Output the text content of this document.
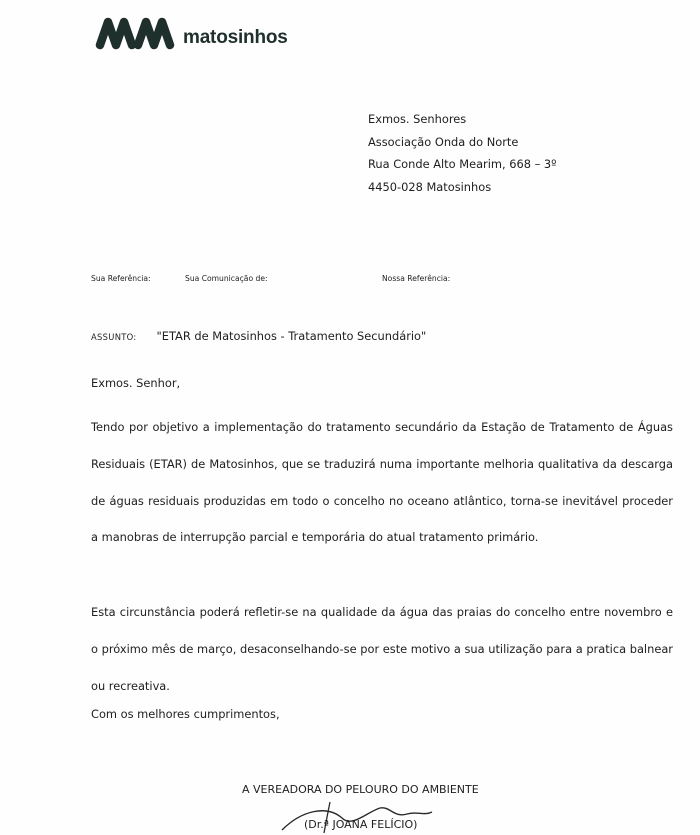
matosinhos
Exmos. Senhores
Associação Onda do Norte
Rua Conde Alto Mearim, 668 – 3º
4450-028 Matosinhos
Sua Referência:	Sua Comunicação de:	Nossa Referência:
ASSUNTO: "ETAR de Matosinhos - Tratamento Secundário"
Exmos. Senhor,
Tendo por objetivo a implementação do tratamento secundário da Estação de Tratamento de Águas Residuais (ETAR) de Matosinhos, que se traduzirá numa importante melhoria qualitativa da descarga de águas residuais produzidas em todo o concelho no oceano atlântico, torna-se inevitável proceder a manobras de interrupção parcial e temporária do atual tratamento primário.
Esta circunstância poderá refletir-se na qualidade da água das praias do concelho entre novembro e o próximo mês de março, desaconselhando-se por este motivo a sua utilização para a pratica balnear ou recreativa.
Com os melhores cumprimentos,
A VEREADORA DO PELOURO DO AMBIENTE
(Dr.ª JOANA FELÍCIO)
